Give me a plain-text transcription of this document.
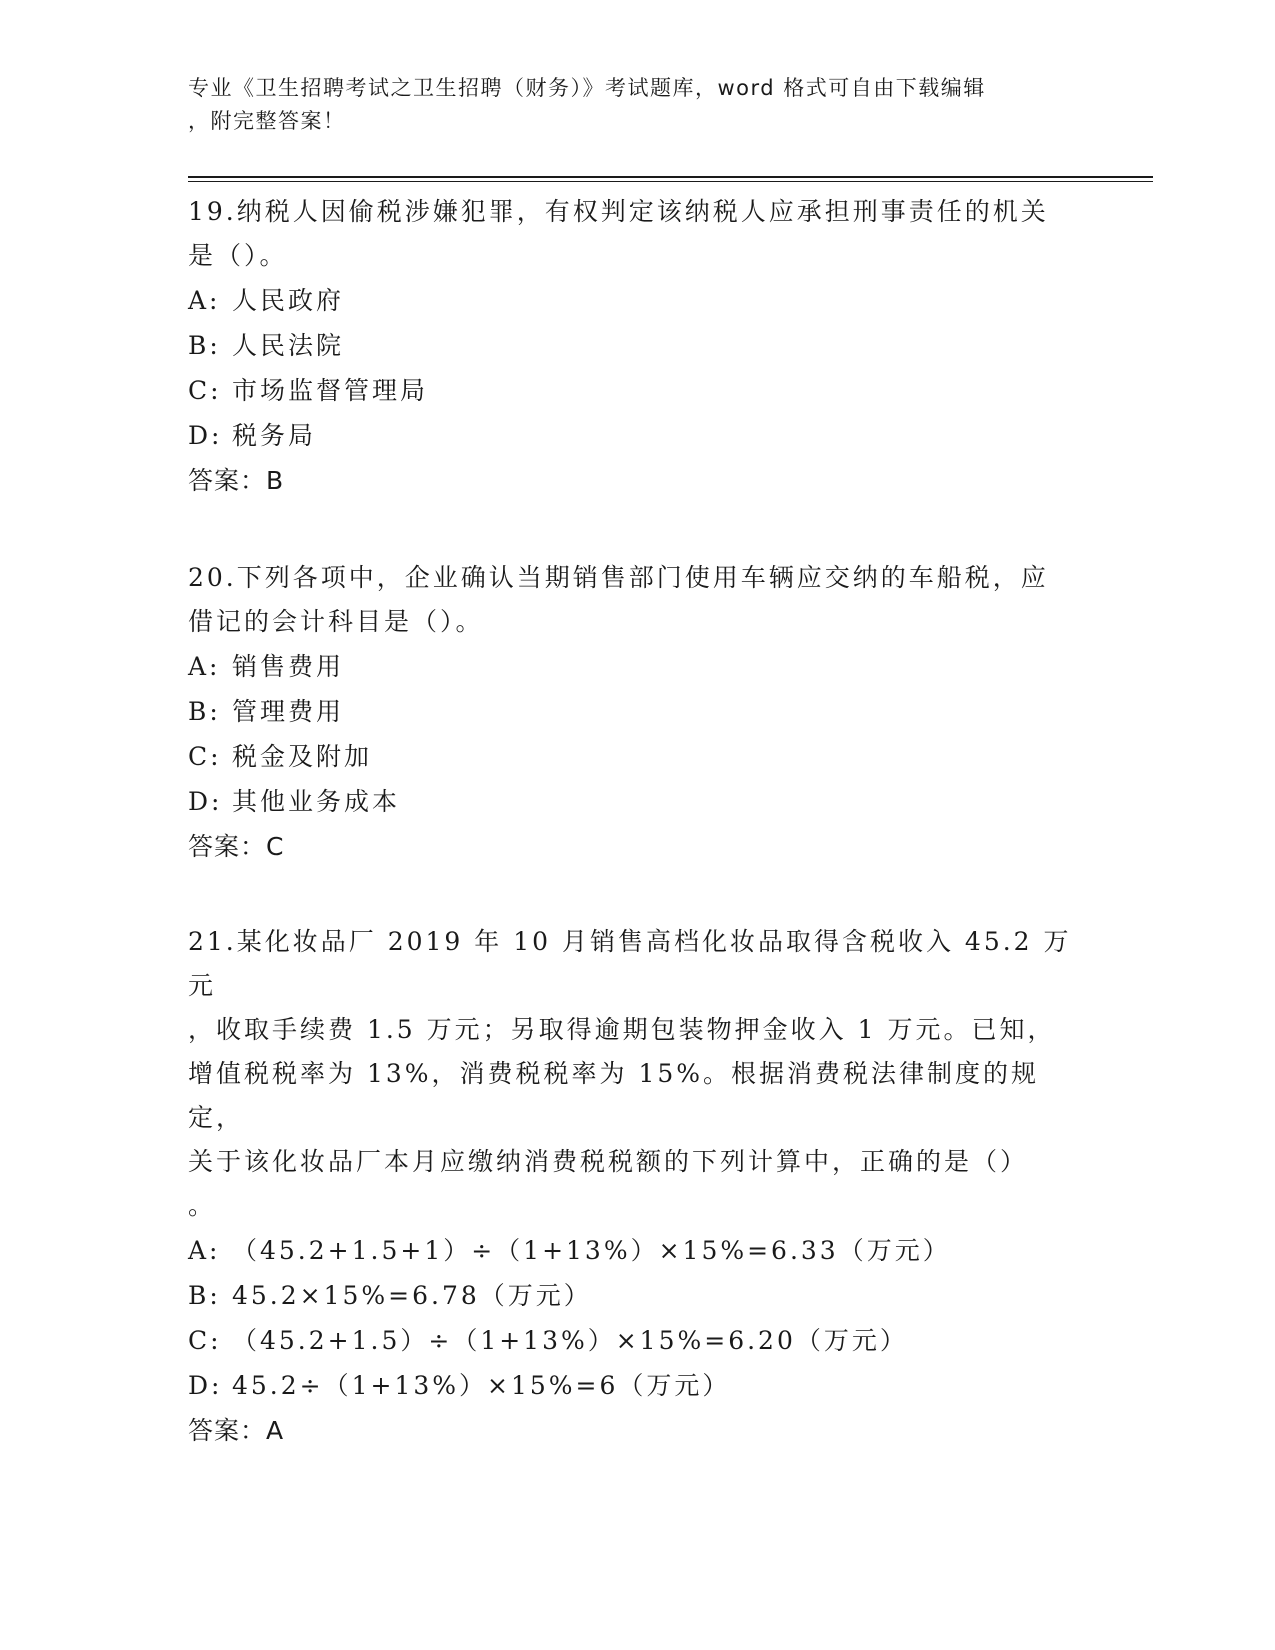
专业《卫生招聘考试之卫生招聘（财务）》考试题库，word 格式可自由下载编辑
，附完整答案！

19.纳税人因偷税涉嫌犯罪，有权判定该纳税人应承担刑事责任的机关

是（）。

A: 人民政府

B: 人民法院

C: 市场监督管理局

D: 税务局

答案：B

20.下列各项中，企业确认当期销售部门使用车辆应交纳的车船税，应

借记的会计科目是（）。

A: 销售费用

B: 管理费用

C: 税金及附加

D: 其他业务成本

答案：C

21.某化妆品厂 2019 年 10 月销售高档化妆品取得含税收入 45.2 万元

，收取手续费 1.5 万元；另取得逾期包装物押金收入 1 万元。已知，

增值税税率为 13%，消费税税率为 15%。根据消费税法律制度的规定，

关于该化妆品厂本月应缴纳消费税税额的下列计算中，正确的是（）

。

A: （45.2+1.5+1）÷（1+13%）×15%=6.33（万元）

B: 45.2×15%=6.78（万元）

C: （45.2+1.5）÷（1+13%）×15%=6.20（万元）

D: 45.2÷（1+13%）×15%=6（万元）

答案：A
